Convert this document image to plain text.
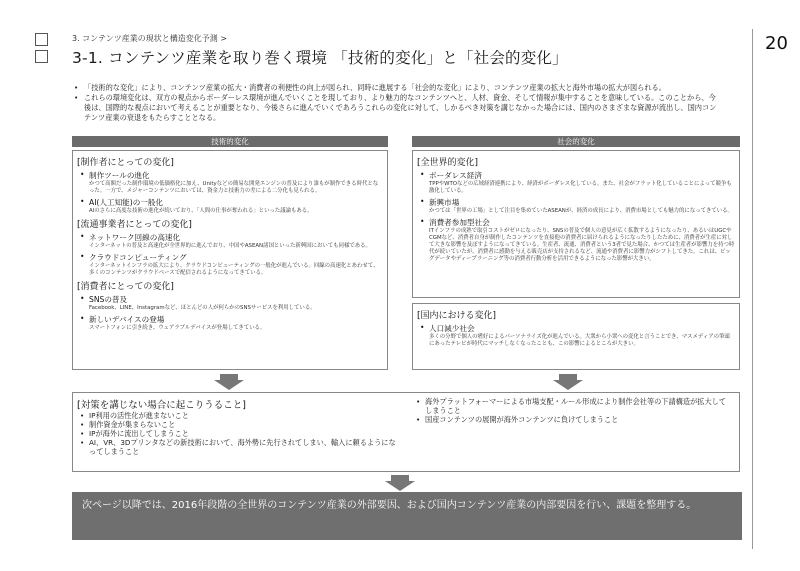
3. コンテンツ産業の現状と構造変化予測 >
3-1. コンテンツ産業を取り巻く環境 「技術的変化」と「社会的変化」
20
• 「技術的な変化」により、コンテンツ産業の拡大・消費者の利便性の向上が図られ、同時に進展する「社会的な変化」により、コンテンツ産業の拡大と海外市場の拡大が図られる。
• これらの環境変化は、双方の視点からボーダーレス環境が進んでいくことを現しており、より魅力的なコンテンツへと、人材、資金、そして情報が集中することを意味している。このことから、今後は、国際的な視点において考えることが重要となり、今後さらに進んでいくであろうこれらの変化に対して、しかるべき対策を講じなかった場合には、国内のさまざまな資源が流出し、国内コンテンツ産業の衰退をもたらすこととなる。
技術的変化	社会的変化
[制作者にとっての変化]
• 制作ツールの進化
かつて高額だった制作環境の低価格化に加え、Unityなどの簡易な開発エンジンの普及により誰もが制作できる時代となった。一方で、メジャーコンテンツにおいては、資金力と技術力の差による二分化も見られる。
• AI(人工知能)の一般化
AIのさらに高度な技術の進化が続いており、「人間の仕事が奪われる」といった議論もある。
[流通事業者にとっての変化]
• ネットワーク回線の高速化
インターネットの普及と高速化が全世界的に進んでおり、中国やASEAN諸国といった新興国においても同様である。
• クラウドコンピューティング
インターネットインフラの拡大により、クラウドコンピューティングの一般化が進んでいる。回線の高速化とあわせて、多くのコンテンツがクラウドベースで配信されるようになってきている。
[消費者にとっての変化]
• SNSの普及
Facebook、LINE、Instagramなど、ほとんどの人が何らかのSNSサービスを利用している。
• 新しいデバイスの登場
スマートフォンに引き続き、ウェアラブルデバイスが登場してきている。
[全世界的変化]
• ボーダレス経済
TPPやWTOなどの広域経済連携により、経済がボーダレス化している。また、社会がフラット化していることによって競争も激化している。
• 新興市場
かつては「世界の工場」として注目を集めていたASEANが、経済の成長により、消費市場としても魅力的になってきている。
• 消費者参加型社会
ITインフラの成熟で取引コストがゼロになったり、SNSの普及で個人の意見が広く拡散するようになったり、あるいはUGCやCGMなど、消費者自身が制作したコンテンツを直接他の消費者に届けられるようになったりしたために、消費者が生産に対して大きな影響を及ぼすようになってきている。生産者、流通、消費者という3者で見た場合、かつては生産者が影響力を持つ時代が続いていたが、消費者に感動を与える販売店が支持されるなど、流通や消費者に影響力がシフトしてきた。これは、ビッグデータやディープラーニング等の消費者行動分析を活用できるようになった影響が大きい。
[国内における変化]
• 人口減少社会
多くの分野で個人の嗜好によるパーソナライズ化が進んでいる。大衆から小衆への変化と言うことでき、マスメディアの筆頭にあったテレビが時代にマッチしなくなったことも、この影響によるところが大きい。
[対策を講じない場合に起こりうること]
• IP利用の活性化が進まないこと
• 制作資金が集まらないこと
• IPが海外に流出してしまうこと
• AI、VR、3Dプリンタなどの新技術において、海外勢に先行されてしまい、輸入に頼るようになってしまうこと
• 海外プラットフォーマーによる市場支配・ルール形成により制作会社等の下請構造が拡大してしまうこと
• 国産コンテンツの展開が海外コンテンツに負けてしまうこと
次ページ以降では、2016年段階の全世界のコンテンツ産業の外部要因、および国内コンテンツ産業の内部要因を行い、課題を整理する。
